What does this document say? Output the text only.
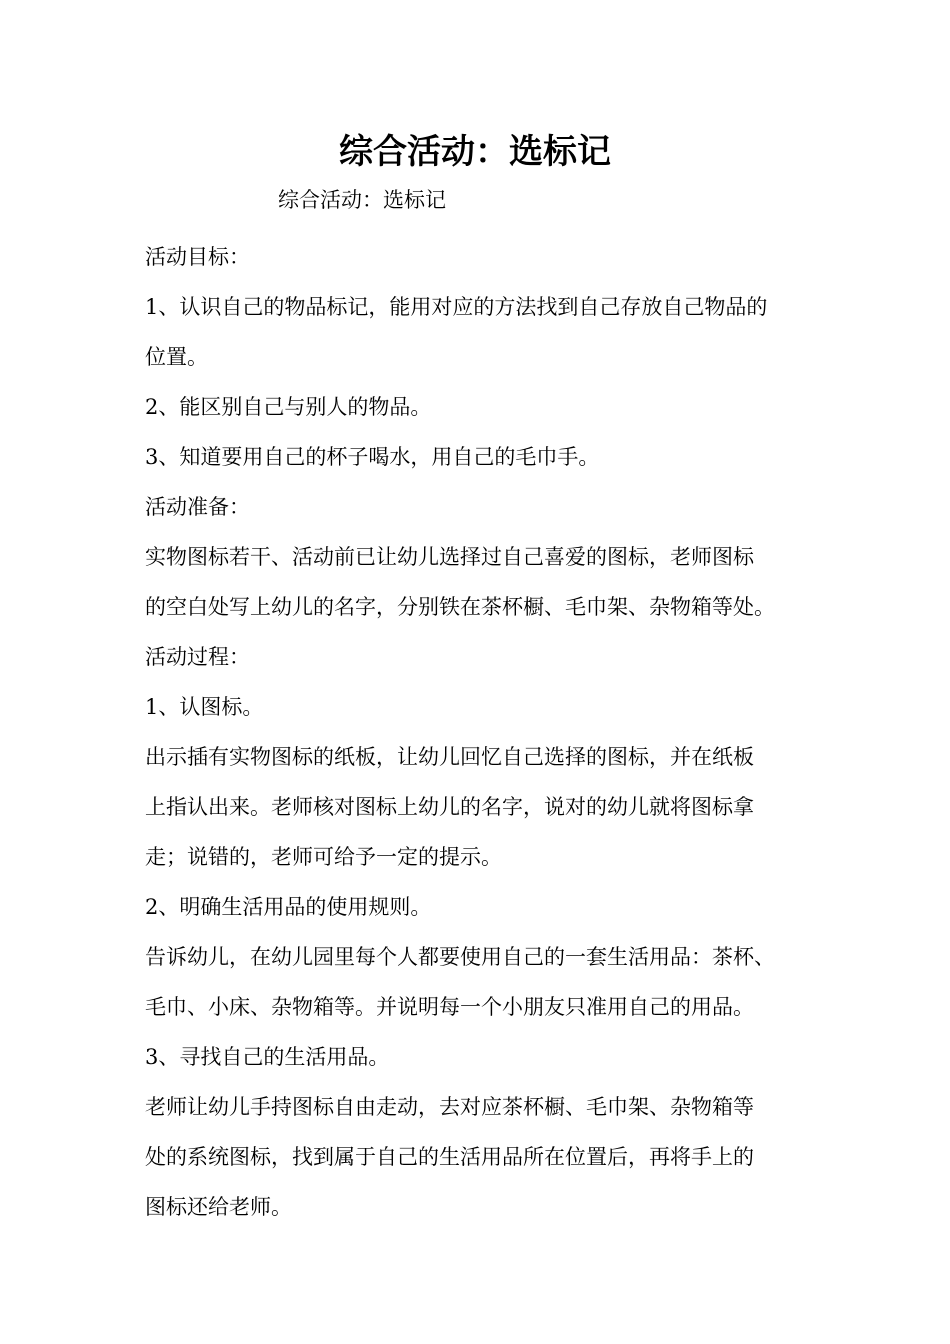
综合活动：选标记
综合活动：选标记
活动目标：
1、认识自己的物品标记，能用对应的方法找到自己存放自己物品的
位置。
2、能区别自己与别人的物品。
3、知道要用自己的杯子喝水，用自己的毛巾手。
活动准备：
实物图标若干、活动前已让幼儿选择过自己喜爱的图标，老师图标
的空白处写上幼儿的名字，分别铁在茶杯橱、毛巾架、杂物箱等处。
活动过程：
1、认图标。
出示插有实物图标的纸板，让幼儿回忆自己选择的图标，并在纸板
上指认出来。老师核对图标上幼儿的名字，说对的幼儿就将图标拿
走；说错的，老师可给予一定的提示。
2、明确生活用品的使用规则。
告诉幼儿，在幼儿园里每个人都要使用自己的一套生活用品：茶杯、
毛巾、小床、杂物箱等。并说明每一个小朋友只准用自己的用品。
3、寻找自己的生活用品。
老师让幼儿手持图标自由走动，去对应茶杯橱、毛巾架、杂物箱等
处的系统图标，找到属于自己的生活用品所在位置后，再将手上的
图标还给老师。
